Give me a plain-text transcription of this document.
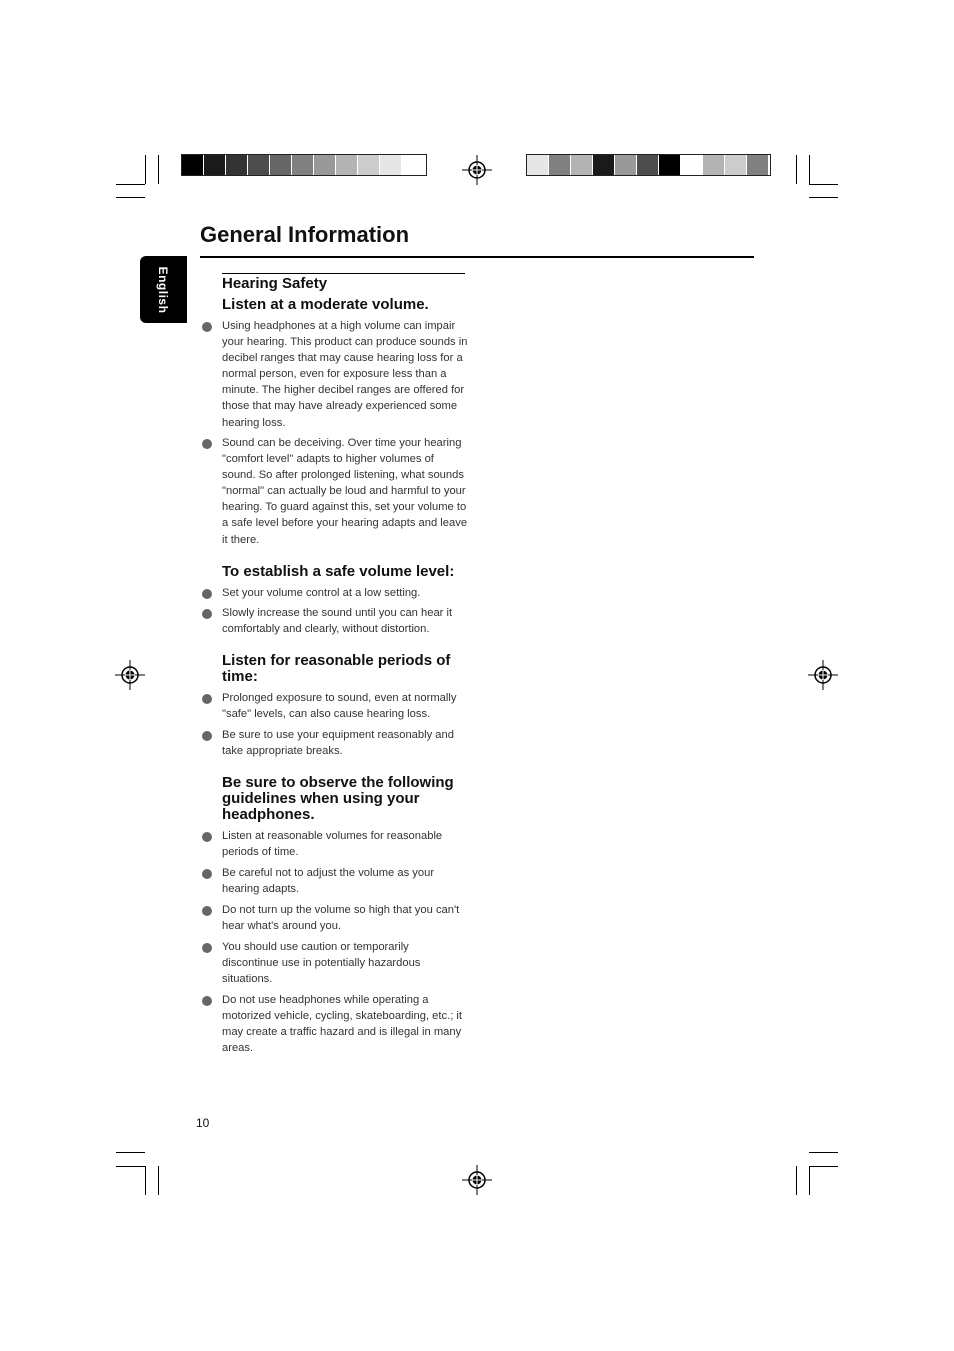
English
General Information
Hearing Safety
Listen at a moderate volume.
Using headphones at a high volume can impair your hearing. This product can produce sounds in decibel ranges that may cause hearing loss for a normal person, even for exposure less than a minute. The higher decibel ranges are offered for those that may have already experienced some hearing loss.
Sound can be deceiving. Over time your hearing "comfort level" adapts to higher volumes of sound. So after prolonged listening, what sounds "normal" can actually be loud and harmful to your hearing. To guard against this, set your volume to a safe level before your hearing adapts and leave it there.
To establish a safe volume level:
Set your volume control at a low setting.
Slowly increase the sound until you can hear it comfortably and clearly, without distortion.
Listen for reasonable periods of time:
Prolonged exposure to sound, even at normally "safe" levels, can also cause hearing loss.
Be sure to use your equipment reasonably and take appropriate breaks.
Be sure to observe the following guidelines when using your headphones.
Listen at reasonable volumes for reasonable periods of time.
Be careful not to adjust the volume as your hearing adapts.
Do not turn up the volume so high that you can't hear what's around you.
You should use caution or temporarily discontinue use in potentially hazardous situations.
Do not use headphones while operating a motorized vehicle, cycling, skateboarding, etc.; it may create a traffic hazard and is illegal in many areas.
10
